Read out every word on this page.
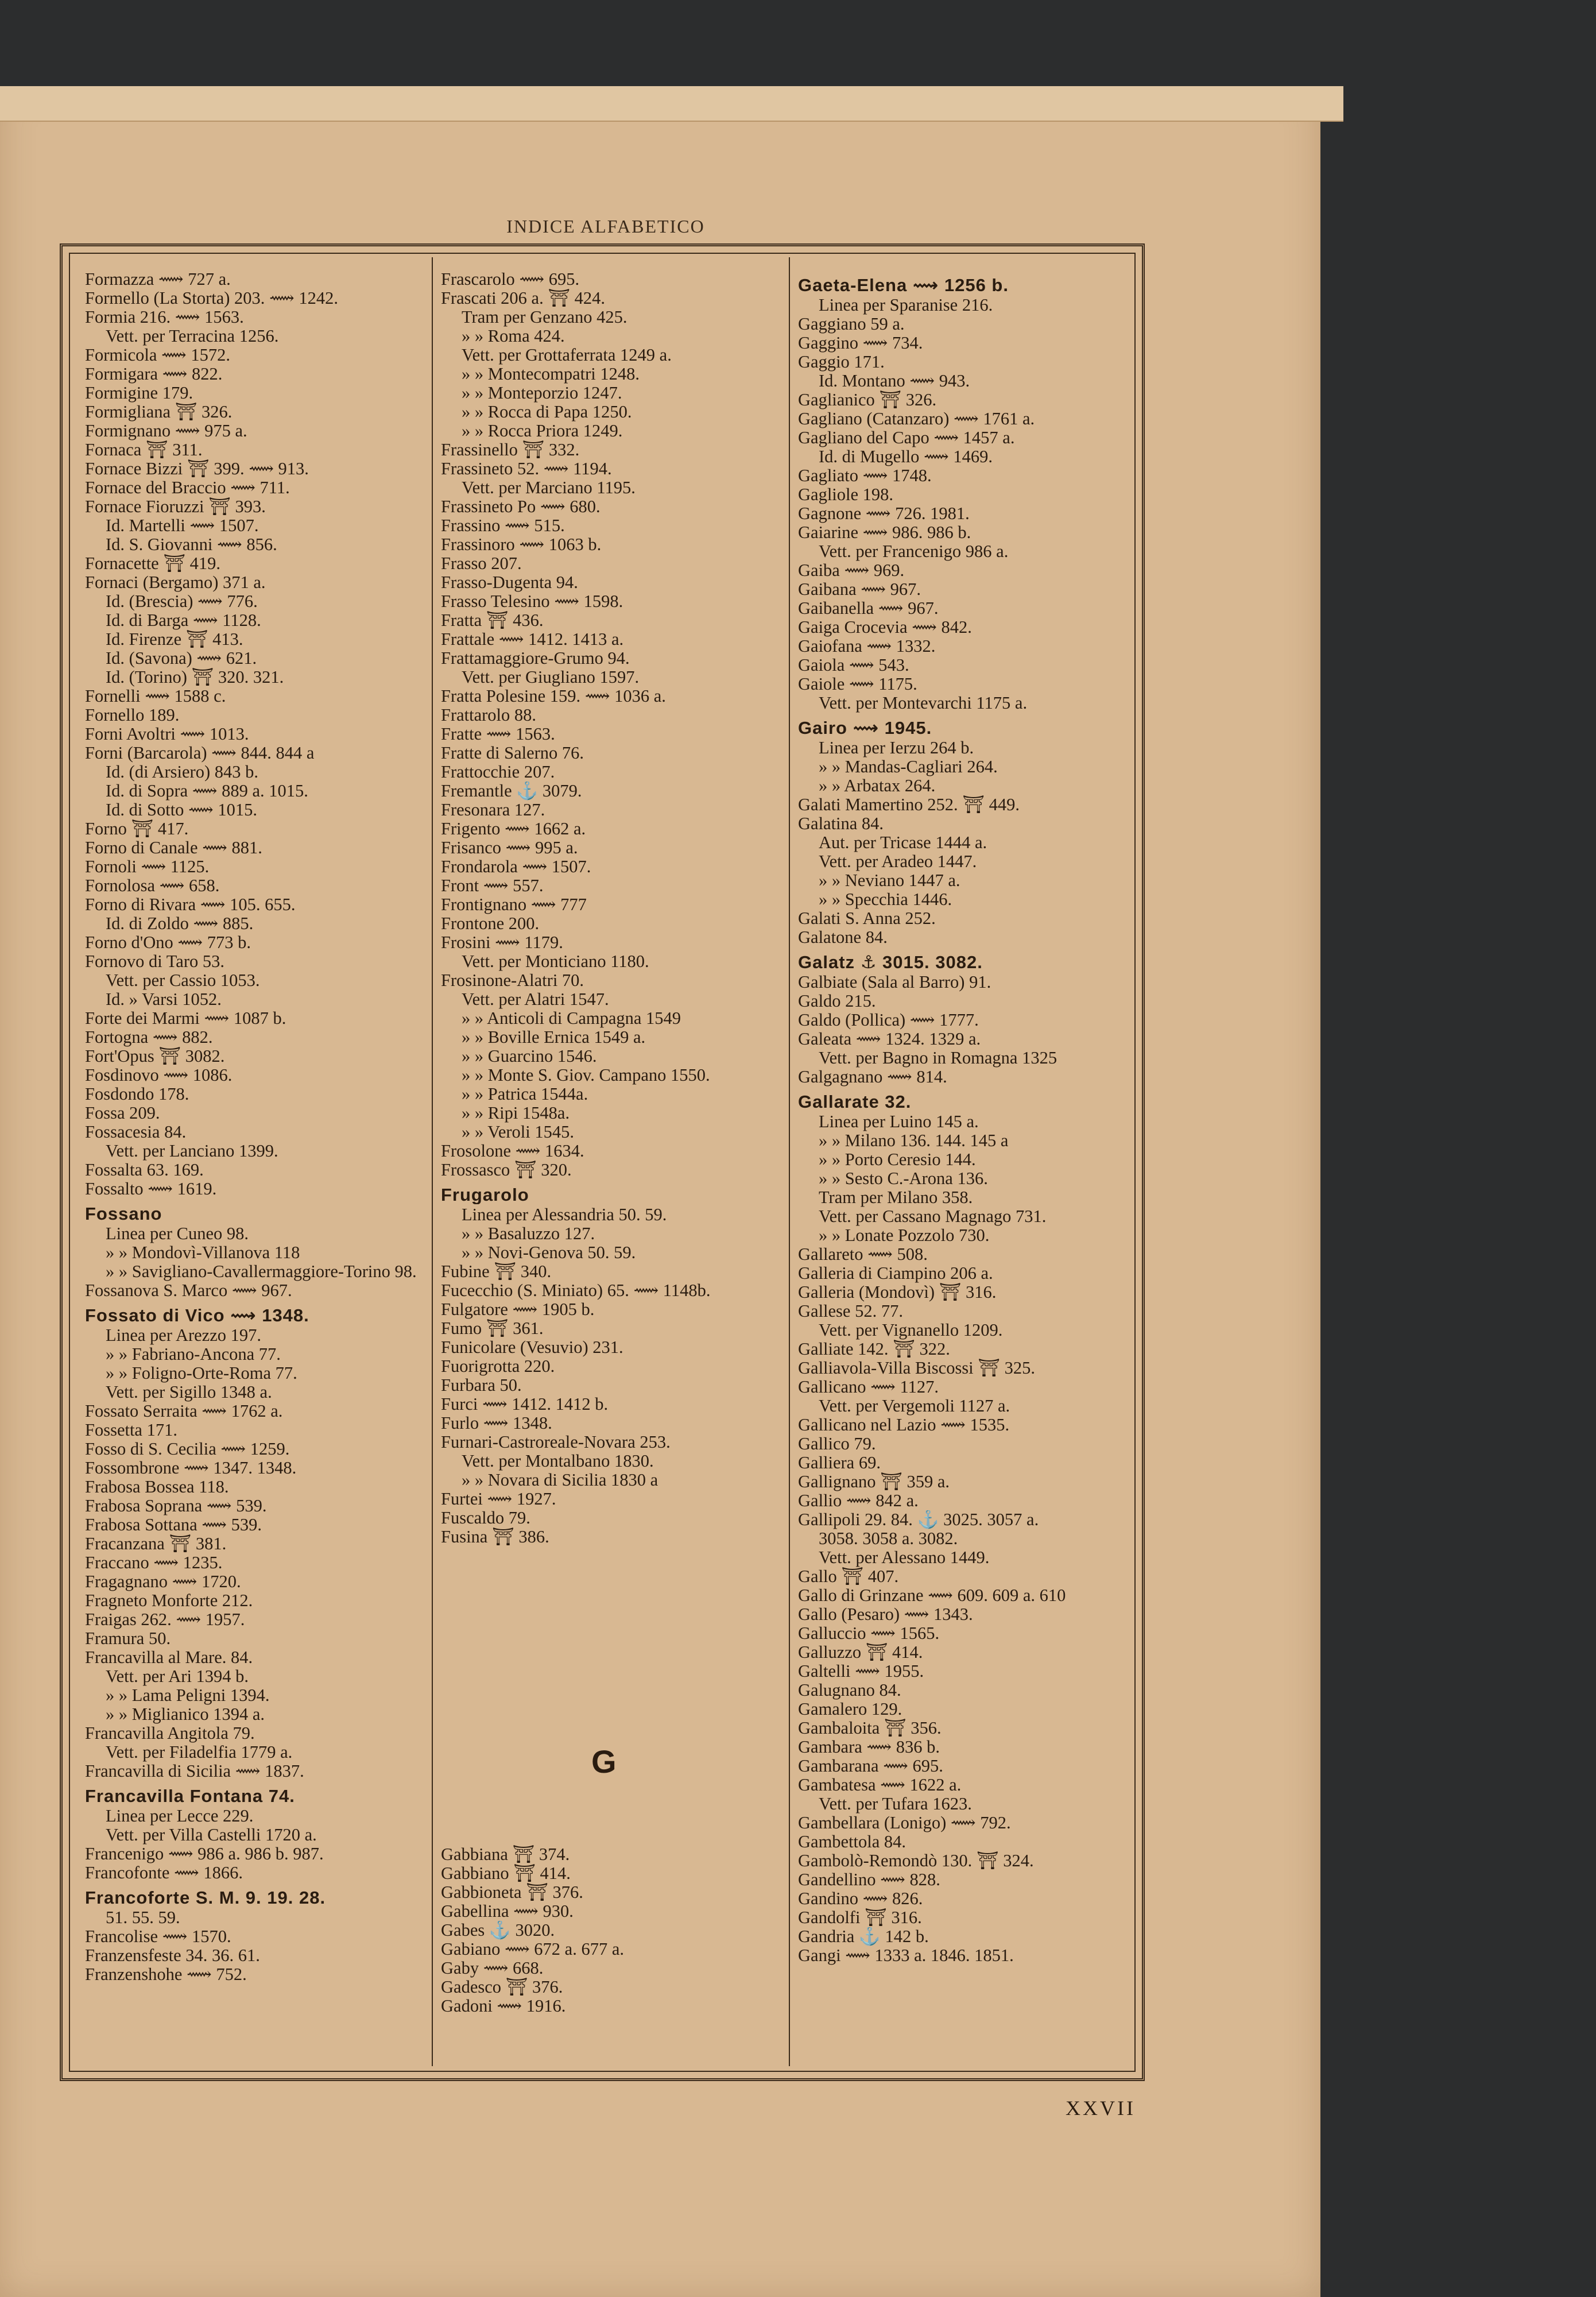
INDICE ALFABETICO
Formazza ⟿ 727 a.
Formello (La Storta) 203. ⟿ 1242.
Formia 216. ⟿ 1563.
Vett. per Terracina 1256.
Formicola ⟿ 1572.
Formigara ⟿ 822.
Formigine 179.
Formigliana ⛩ 326.
Formignano ⟿ 975 a.
Fornaca ⛩ 311.
Fornace Bizzi ⛩ 399. ⟿ 913.
Fornace del Braccio ⟿ 711.
Fornace Fioruzzi ⛩ 393.
Id. Martelli ⟿ 1507.
Id. S. Giovanni ⟿ 856.
Fornacette ⛩ 419.
Fornaci (Bergamo) 371 a.
Id. (Brescia) ⟿ 776.
Id. di Barga ⟿ 1128.
Id. Firenze ⛩ 413.
Id. (Savona) ⟿ 621.
Id. (Torino) ⛩ 320. 321.
Fornelli ⟿ 1588 c.
Fornello 189.
Forni Avoltri ⟿ 1013.
Forni (Barcarola) ⟿ 844. 844 a
Id. (di Arsiero) 843 b.
Id. di Sopra ⟿ 889 a. 1015.
Id. di Sotto ⟿ 1015.
Forno ⛩ 417.
Forno di Canale ⟿ 881.
Fornoli ⟿ 1125.
Fornolosa ⟿ 658.
Forno di Rivara ⟿ 105. 655.
Id. di Zoldo ⟿ 885.
Forno d'Ono ⟿ 773 b.
Fornovo di Taro 53.
Vett. per Cassio 1053.
Id. » Varsi 1052.
Forte dei Marmi ⟿ 1087 b.
Fortogna ⟿ 882.
Fort'Opus ⛩ 3082.
Fosdinovo ⟿ 1086.
Fosdondo 178.
Fossa 209.
Fossacesia 84.
Vett. per Lanciano 1399.
Fossalta 63. 169.
Fossalto ⟿ 1619.
Fossano
Linea per Cuneo 98.
» » Mondovì-Villanova 118
» » Savigliano-Cavallermaggiore-Torino 98.
Fossanova S. Marco ⟿ 967.
Fossato di Vico ⟿ 1348.
Linea per Arezzo 197.
» » Fabriano-Ancona 77.
» » Foligno-Orte-Roma 77.
Vett. per Sigillo 1348 a.
Fossato Serraita ⟿ 1762 a.
Fossetta 171.
Fosso di S. Cecilia ⟿ 1259.
Fossombrone ⟿ 1347. 1348.
Frabosa Bossea 118.
Frabosa Soprana ⟿ 539.
Frabosa Sottana ⟿ 539.
Fracanzana ⛩ 381.
Fraccano ⟿ 1235.
Fragagnano ⟿ 1720.
Fragneto Monforte 212.
Fraigas 262. ⟿ 1957.
Framura 50.
Francavilla al Mare. 84.
Vett. per Ari 1394 b.
» » Lama Peligni 1394.
» » Miglianico 1394 a.
Francavilla Angitola 79.
Vett. per Filadelfia 1779 a.
Francavilla di Sicilia ⟿ 1837.
Francavilla Fontana 74.
Linea per Lecce 229.
Vett. per Villa Castelli 1720 a.
Francenigo ⟿ 986 a. 986 b. 987.
Francofonte ⟿ 1866.
Francoforte S. M. 9. 19. 28.
51. 55. 59.
Francolise ⟿ 1570.
Franzensfeste 34. 36. 61.
Franzenshohe ⟿ 752.
Frascarolo ⟿ 695.
Frascati 206 a. ⛩ 424.
Tram per Genzano 425.
» » Roma 424.
Vett. per Grottaferrata 1249 a.
» » Montecompatri 1248.
» » Monteporzio 1247.
» » Rocca di Papa 1250.
» » Rocca Priora 1249.
Frassinello ⛩ 332.
Frassineto 52. ⟿ 1194.
Vett. per Marciano 1195.
Frassineto Po ⟿ 680.
Frassino ⟿ 515.
Frassinoro ⟿ 1063 b.
Frasso 207.
Frasso-Dugenta 94.
Frasso Telesino ⟿ 1598.
Fratta ⛩ 436.
Frattale ⟿ 1412. 1413 a.
Frattamaggiore-Grumo 94.
Vett. per Giugliano 1597.
Fratta Polesine 159. ⟿ 1036 a.
Frattarolo 88.
Fratte ⟿ 1563.
Fratte di Salerno 76.
Frattocchie 207.
Fremantle ⚓ 3079.
Fresonara 127.
Frigento ⟿ 1662 a.
Frisanco ⟿ 995 a.
Frondarola ⟿ 1507.
Front ⟿ 557.
Frontignano ⟿ 777
Frontone 200.
Frosini ⟿ 1179.
Vett. per Monticiano 1180.
Frosinone-Alatri 70.
Vett. per Alatri 1547.
» » Anticoli di Campagna 1549
» » Boville Ernica 1549 a.
» » Guarcino 1546.
» » Monte S. Giov. Campano 1550.
» » Patrica 1544a.
» » Ripi 1548a.
» » Veroli 1545.
Frosolone ⟿ 1634.
Frossasco ⛩ 320.
Frugarolo
Linea per Alessandria 50. 59.
» » Basaluzzo 127.
» » Novi-Genova 50. 59.
Fubine ⛩ 340.
Fucecchio (S. Miniato) 65. ⟿ 1148b.
Fulgatore ⟿ 1905 b.
Fumo ⛩ 361.
Funicolare (Vesuvio) 231.
Fuorigrotta 220.
Furbara 50.
Furci ⟿ 1412. 1412 b.
Furlo ⟿ 1348.
Furnari-Castroreale-Novara 253.
Vett. per Montalbano 1830.
» » Novara di Sicilia 1830 a
Furtei ⟿ 1927.
Fuscaldo 79.
Fusina ⛩ 386.
Gabbiana ⛩ 374.
Gabbiano ⛩ 414.
Gabbioneta ⛩ 376.
Gabellina ⟿ 930.
Gabes ⚓ 3020.
Gabiano ⟿ 672 a. 677 a.
Gaby ⟿ 668.
Gadesco ⛩ 376.
Gadoni ⟿ 1916.
Gaeta-Elena ⟿ 1256 b.
Linea per Sparanise 216.
Gaggiano 59 a.
Gaggino ⟿ 734.
Gaggio 171.
Id. Montano ⟿ 943.
Gaglianico ⛩ 326.
Gagliano (Catanzaro) ⟿ 1761 a.
Gagliano del Capo ⟿ 1457 a.
Id. di Mugello ⟿ 1469.
Gagliato ⟿ 1748.
Gagliole 198.
Gagnone ⟿ 726. 1981.
Gaiarine ⟿ 986. 986 b.
Vett. per Francenigo 986 a.
Gaiba ⟿ 969.
Gaibana ⟿ 967.
Gaibanella ⟿ 967.
Gaiga Crocevia ⟿ 842.
Gaiofana ⟿ 1332.
Gaiola ⟿ 543.
Gaiole ⟿ 1175.
Vett. per Montevarchi 1175 a.
Gairo ⟿ 1945.
Linea per Ierzu 264 b.
» » Mandas-Cagliari 264.
» » Arbatax 264.
Galati Mamertino 252. ⛩ 449.
Galatina 84.
Aut. per Tricase 1444 a.
Vett. per Aradeo 1447.
» » Neviano 1447 a.
» » Specchia 1446.
Galati S. Anna 252.
Galatone 84.
Galatz ⚓ 3015. 3082.
Galbiate (Sala al Barro) 91.
Galdo 215.
Galdo (Pollica) ⟿ 1777.
Galeata ⟿ 1324. 1329 a.
Vett. per Bagno in Romagna 1325
Galgagnano ⟿ 814.
Gallarate 32.
Linea per Luino 145 a.
» » Milano 136. 144. 145 a
» » Porto Ceresio 144.
» » Sesto C.-Arona 136.
Tram per Milano 358.
Vett. per Cassano Magnago 731.
» » Lonate Pozzolo 730.
Gallareto ⟿ 508.
Galleria di Ciampino 206 a.
Galleria (Mondovì) ⛩ 316.
Gallese 52. 77.
Vett. per Vignanello 1209.
Galliate 142. ⛩ 322.
Galliavola-Villa Biscossi ⛩ 325.
Gallicano ⟿ 1127.
Vett. per Vergemoli 1127 a.
Gallicano nel Lazio ⟿ 1535.
Gallico 79.
Galliera 69.
Gallignano ⛩ 359 a.
Gallio ⟿ 842 a.
Gallipoli 29. 84. ⚓ 3025. 3057 a.
3058. 3058 a. 3082.
Vett. per Alessano 1449.
Gallo ⛩ 407.
Gallo di Grinzane ⟿ 609. 609 a. 610
Gallo (Pesaro) ⟿ 1343.
Galluccio ⟿ 1565.
Galluzzo ⛩ 414.
Galtelli ⟿ 1955.
Galugnano 84.
Gamalero 129.
Gambaloita ⛩ 356.
Gambara ⟿ 836 b.
Gambarana ⟿ 695.
Gambatesa ⟿ 1622 a.
Vett. per Tufara 1623.
Gambellara (Lonigo) ⟿ 792.
Gambettola 84.
Gambolò-Remondò 130. ⛩ 324.
Gandellino ⟿ 828.
Gandino ⟿ 826.
Gandolfi ⛩ 316.
Gandria ⚓ 142 b.
Gangi ⟿ 1333 a. 1846. 1851.
G
XXVII
